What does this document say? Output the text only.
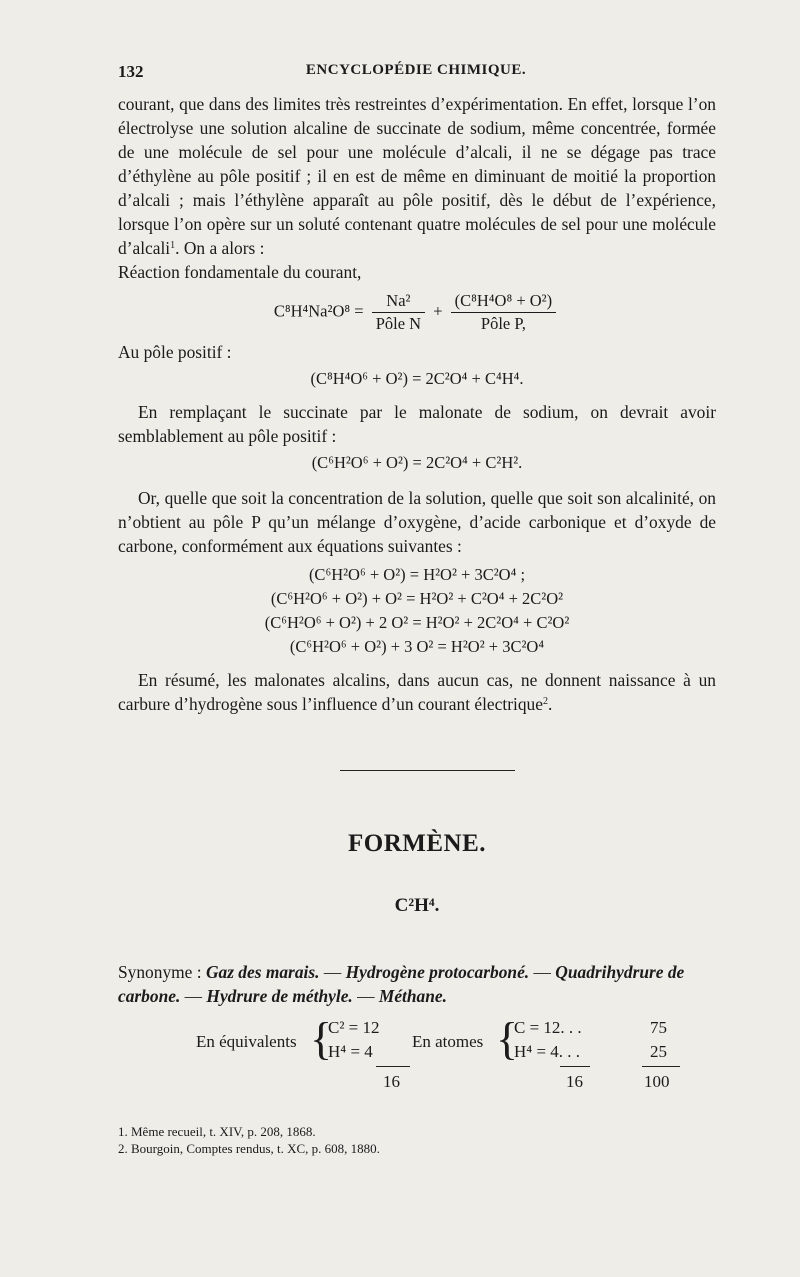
132	ENCYCLOPÉDIE CHIMIQUE.
courant, que dans des limites très restreintes d’expérimentation. En effet, lorsque l’on électrolyse une solution alcaline de succinate de sodium, même concentrée, formée de une molécule de sel pour une molécule d’alcali, il ne se dégage pas trace d’éthylène au pôle positif ; il en est de même en diminuant de moitié la proportion d’alcali ; mais l’éthylène apparaît au pôle positif, dès le début de l’expérience, lorsque l’on opère sur un soluté contenant quatre molécules de sel pour une molécule d’alcali$^1$. On a alors :
Réaction fondamentale du courant,
$C^8H^4Na^2O^8 = \frac{\text{Na²}}{\text{Pôle N}} + \frac{\text{(C⁸H⁴O⁸ + O²)}}{\text{Pôle P,}}$
Au pôle positif :
(C⁸H⁴O⁶ + O²) = 2C²O⁴ + C⁴H⁴.
En remplaçant le succinate par le malonate de sodium, on devrait avoir semblablement au pôle positif :
(C⁶H²O⁶ + O²) = 2C²O⁴ + C²H².
Or, quelle que soit la concentration de la solution, quelle que soit son alcalinité, on n’obtient au pôle P qu’un mélange d’oxygène, d’acide carbonique et d’oxyde de carbone, conformément aux équations suivantes :
(C⁶H²O⁶ + O²) = H²O² + 3C²O⁴ ;
(C⁶H²O⁶ + O²) + O² = H²O² + C²O⁴ + 2C²O²
(C⁶H²O⁶ + O²) + 2 O² = H²O² + 2C²O⁴ + C²O²
(C⁶H²O⁶ + O²) + 3 O² = H²O² + 3C²O⁴
En résumé, les malonates alcalins, dans aucun cas, ne donnent naissance à un carbure d’hydrogène sous l’influence d’un courant électrique$^2$.
FORMÈNE.
C²H⁴.
Synonyme : Gaz des marais. — Hydrogène protocarboné. — Quadrihydrure de carbone. — Hydrure de méthyle. — Méthane.
En équivalents {
C² = 12
H⁴ = 4
16
En atomes {
C = 12. . .
H⁴ = 4. . .
16
75
25
100
1. Même recueil, t. XIV, p. 208, 1868.
2. Bourgoin, Comptes rendus, t. XC, p. 608, 1880.
